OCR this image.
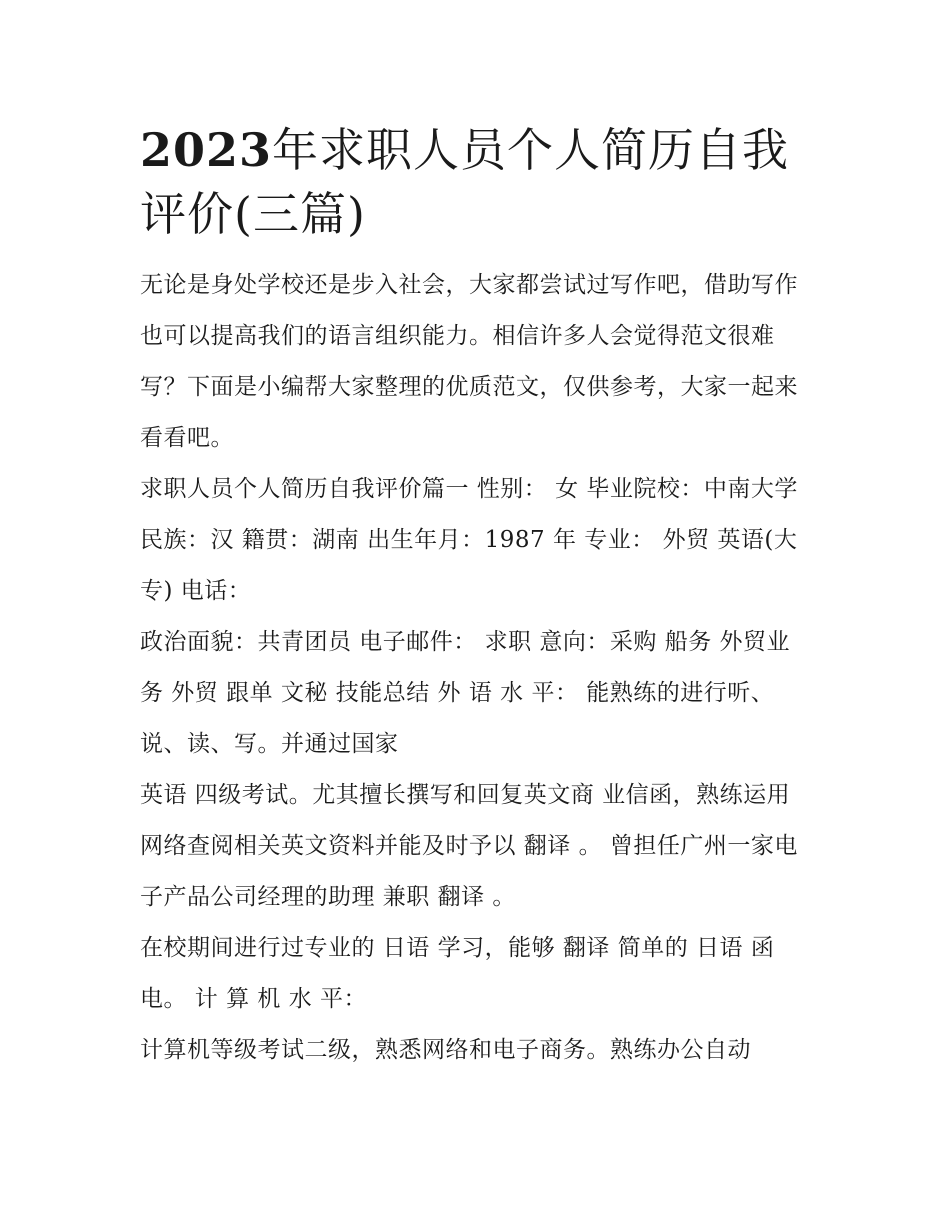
2023年求职人员个人简历自我评价(三篇)

无论是身处学校还是步入社会，大家都尝试过写作吧，借助写作也可以提高我们的语言组织能力。相信许多人会觉得范文很难写？下面是小编帮大家整理的优质范文，仅供参考，大家一起来看看吧。

求职人员个人简历自我评价篇一 性别： 女 毕业院校：中南大学 民族：汉 籍贯：湖南 出生年月：1987 年 专业： 外贸 英语(大专) 电话：

政治面貌：共青团员 电子邮件： 求职 意向：采购 船务 外贸业务 外贸 跟单 文秘 技能总结 外 语 水 平： 能熟练的进行听、说、读、写。并通过国家

英语 四级考试。尤其擅长撰写和回复英文商 业信函，熟练运用网络查阅相关英文资料并能及时予以 翻译 。 曾担任广州一家电子产品公司经理的助理 兼职 翻译 。

在校期间进行过专业的 日语 学习，能够 翻译 简单的 日语 函电。 计 算 机 水 平：

计算机等级考试二级，熟悉网络和电子商务。熟练办公自动
